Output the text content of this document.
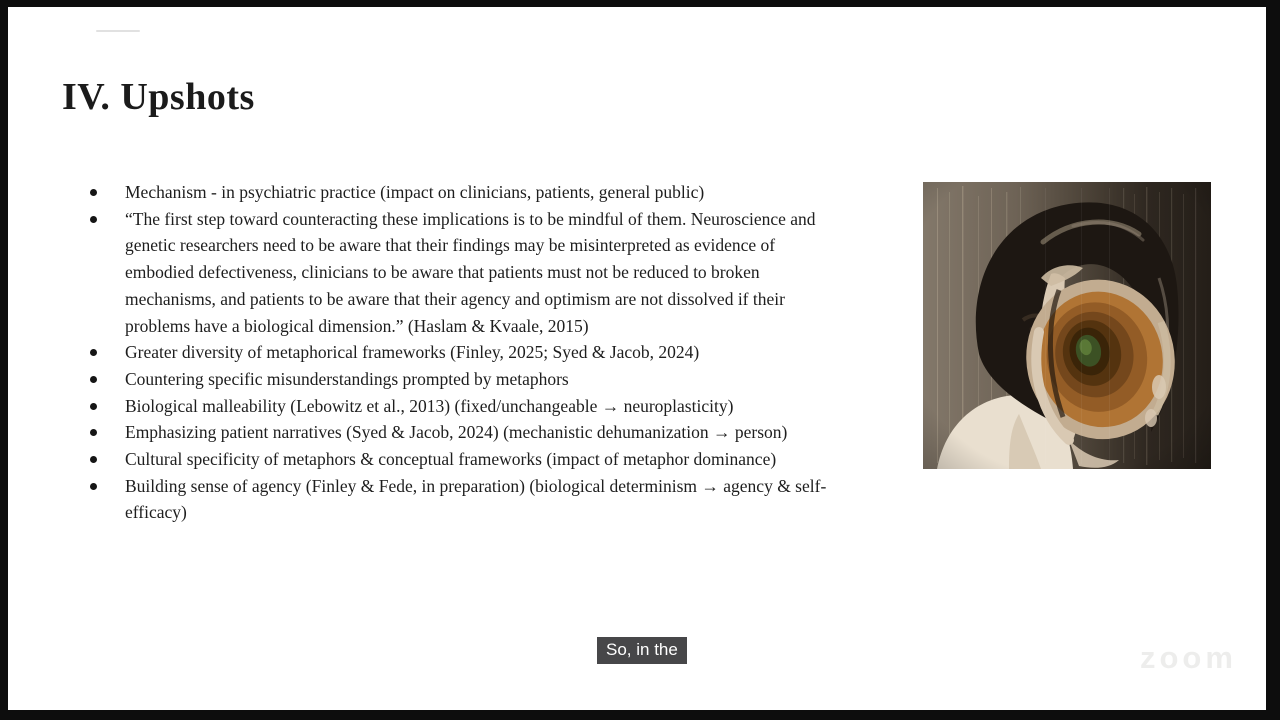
IV. Upshots
Mechanism - in psychiatric practice (impact on clinicians, patients, general public)
“The first step toward counteracting these implications is to be mindful of them. Neuroscience and genetic researchers need to be aware that their findings may be misinterpreted as evidence of embodied defectiveness, clinicians to be aware that patients must not be reduced to broken mechanisms, and patients to be aware that their agency and optimism are not dissolved if their problems have a biological dimension.” (Haslam & Kvaale, 2015)
Greater diversity of metaphorical frameworks (Finley, 2025; Syed & Jacob, 2024)
Countering specific misunderstandings prompted by metaphors
Biological malleability (Lebowitz et al., 2013) (fixed/unchangeable → neuroplasticity)
Emphasizing patient narratives (Syed & Jacob, 2024) (mechanistic dehumanization → person)
Cultural specificity of metaphors & conceptual frameworks (impact of metaphor dominance)
Building sense of agency (Finley & Fede, in preparation) (biological determinism → agency & self-efficacy)
So, in the	zoom
